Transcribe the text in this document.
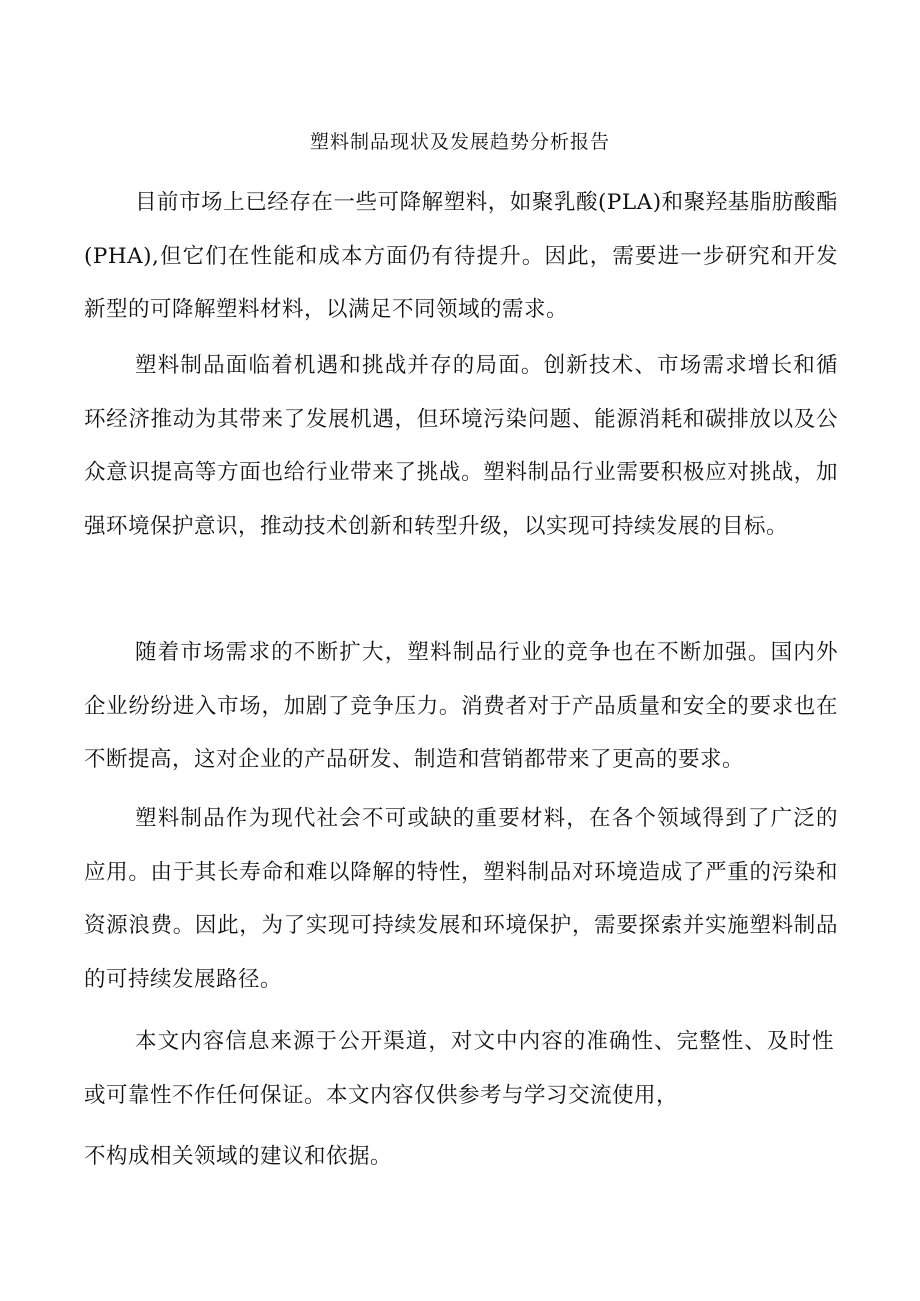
塑料制品现状及发展趋势分析报告

目前市场上已经存在一些可降解塑料，如聚乳酸(PLA)和聚羟基脂肪酸酯(PHA),但它们在性能和成本方面仍有待提升。因此，需要进一步研究和开发新型的可降解塑料材料，以满足不同领域的需求。

塑料制品面临着机遇和挑战并存的局面。创新技术、市场需求增长和循环经济推动为其带来了发展机遇，但环境污染问题、能源消耗和碳排放以及公众意识提高等方面也给行业带来了挑战。塑料制品行业需要积极应对挑战，加强环境保护意识，推动技术创新和转型升级，以实现可持续发展的目标。

随着市场需求的不断扩大，塑料制品行业的竞争也在不断加强。国内外企业纷纷进入市场，加剧了竞争压力。消费者对于产品质量和安全的要求也在不断提高，这对企业的产品研发、制造和营销都带来了更高的要求。

塑料制品作为现代社会不可或缺的重要材料，在各个领域得到了广泛的应用。由于其长寿命和难以降解的特性，塑料制品对环境造成了严重的污染和资源浪费。因此，为了实现可持续发展和环境保护，需要探索并实施塑料制品的可持续发展路径。

本文内容信息来源于公开渠道，对文中内容的准确性、完整性、及时性或可靠性不作任何保证。本文内容仅供参考与学习交流使用，

不构成相关领域的建议和依据。
